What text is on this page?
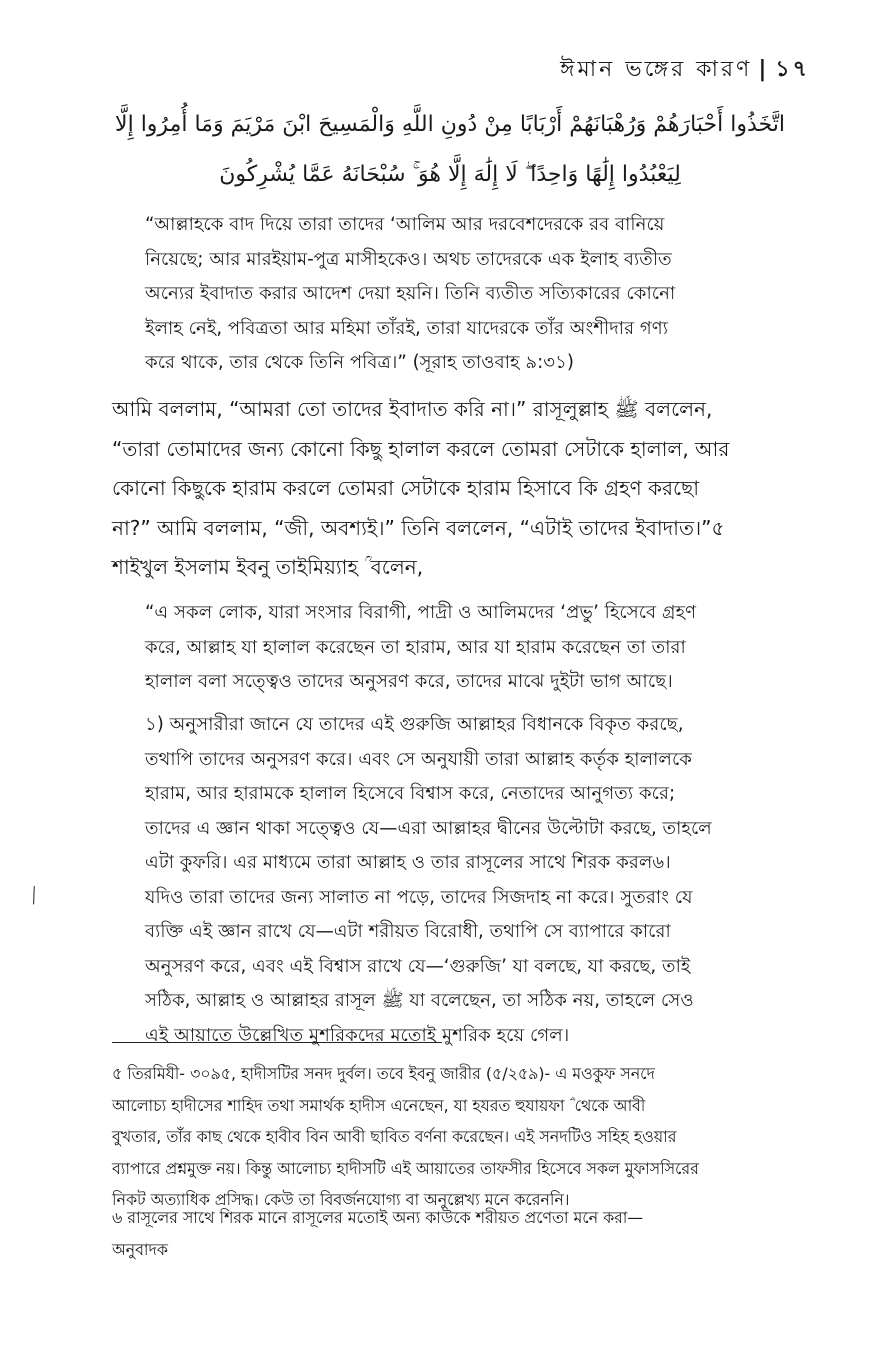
ঈমান ভঙ্গের কারণ | ১৭
اتَّخَذُوا أَحْبَارَهُمْ وَرُهْبَانَهُمْ أَرْبَابًا مِنْ دُونِ اللَّهِ وَالْمَسِيحَ ابْنَ مَرْيَمَ وَمَا أُمِرُوا إِلَّا
لِيَعْبُدُوا إِلَٰهًا وَاحِدًا ۖ لَا إِلَٰهَ إِلَّا هُوَ ۚ سُبْحَانَهُ عَمَّا يُشْرِكُونَ
“আল্লাহকে বাদ দিয়ে তারা তাদের ‘আলিম আর দরবেশদেরকে রব বানিয়ে
নিয়েছে; আর মারইয়াম-পুত্র মাসীহকেও। অথচ তাদেরকে এক ইলাহ ব্যতীত
অন্যের ইবাদাত করার আদেশ দেয়া হয়নি। তিনি ব্যতীত সত্যিকারের কোনো
ইলাহ নেই, পবিত্রতা আর মহিমা তাঁরই, তারা যাদেরকে তাঁর অংশীদার গণ্য
করে থাকে, তার থেকে তিনি পবিত্র।” (সূরাহ তাওবাহ ৯:৩১)
আমি বললাম, “আমরা তো তাদের ইবাদাত করি না।” রাসূলুল্লাহ ﷺ বললেন,
“তারা তোমাদের জন্য কোনো কিছু হালাল করলে তোমরা সেটাকে হালাল, আর
কোনো কিছুকে হারাম করলে তোমরা সেটাকে হারাম হিসাবে কি গ্রহণ করছো
না?” আমি বললাম, “জী, অবশ্যই।” তিনি বললেন, “এটাই তাদের ইবাদাত।”৫
শাইখুল ইসলাম ইবনু তাইমিয়্যাহ ؒ বলেন,
“এ সকল লোক, যারা সংসার বিরাগী, পাদ্রী ও আলিমদের ‘প্রভু’ হিসেবে গ্রহণ
করে, আল্লাহ যা হালাল করেছেন তা হারাম, আর যা হারাম করেছেন তা তারা
হালাল বলা সত্ত্বেও তাদের অনুসরণ করে, তাদের মাঝে দুইটা ভাগ আছে।
১) অনুসারীরা জানে যে তাদের এই গুরুজি আল্লাহর বিধানকে বিকৃত করছে,
তথাপি তাদের অনুসরণ করে। এবং সে অনুযায়ী তারা আল্লাহ কর্তৃক হালালকে
হারাম, আর হারামকে হালাল হিসেবে বিশ্বাস করে, নেতাদের আনুগত্য করে;
তাদের এ জ্ঞান থাকা সত্ত্বেও যে—এরা আল্লাহর দ্বীনের উল্টোটা করছে, তাহলে
এটা কুফরি। এর মাধ্যমে তারা আল্লাহ ও তার রাসূলের সাথে শিরক করল৬।
যদিও তারা তাদের জন্য সালাত না পড়ে, তাদের সিজদাহ না করে। সুতরাং যে
ব্যক্তি এই জ্ঞান রাখে যে—এটা শরীয়ত বিরোধী, তথাপি সে ব্যাপারে কারো
অনুসরণ করে, এবং এই বিশ্বাস রাখে যে—‘গুরুজি’ যা বলছে, যা করছে, তাই
সঠিক, আল্লাহ ও আল্লাহর রাসূল ﷺ যা বলেছেন, তা সঠিক নয়, তাহলে সেও
এই আয়াতে উল্লেখিত মুশরিকদের মতোই মুশরিক হয়ে গেল।
╱
৫ তিরমিযী- ৩০৯৫, হাদীসটির সনদ দুর্বল। তবে ইবনু জারীর (৫/২৫৯)- এ মওকুফ সনদে
আলোচ্য হাদীসের শাহিদ তথা সমার্থক হাদীস এনেছেন, যা হযরত হুযায়ফা ؓ থেকে আবী
বুখতার, তাঁর কাছ থেকে হাবীব বিন আবী ছাবিত বর্ণনা করেছেন। এই সনদটিও সহিহ হওয়ার
ব্যাপারে প্রশ্নমুক্ত নয়। কিন্তু আলোচ্য হাদীসটি এই আয়াতের তাফসীর হিসেবে সকল মুফাসসিরের
নিকট অত্যাধিক প্রসিদ্ধ। কেউ তা বিবর্জনযোগ্য বা অনুল্লেখ্য মনে করেননি।
৬ রাসূলের সাথে শিরক মানে রাসূলের মতোই অন্য কাউকে শরীয়ত প্রণেতা মনে করা—
অনুবাদক
